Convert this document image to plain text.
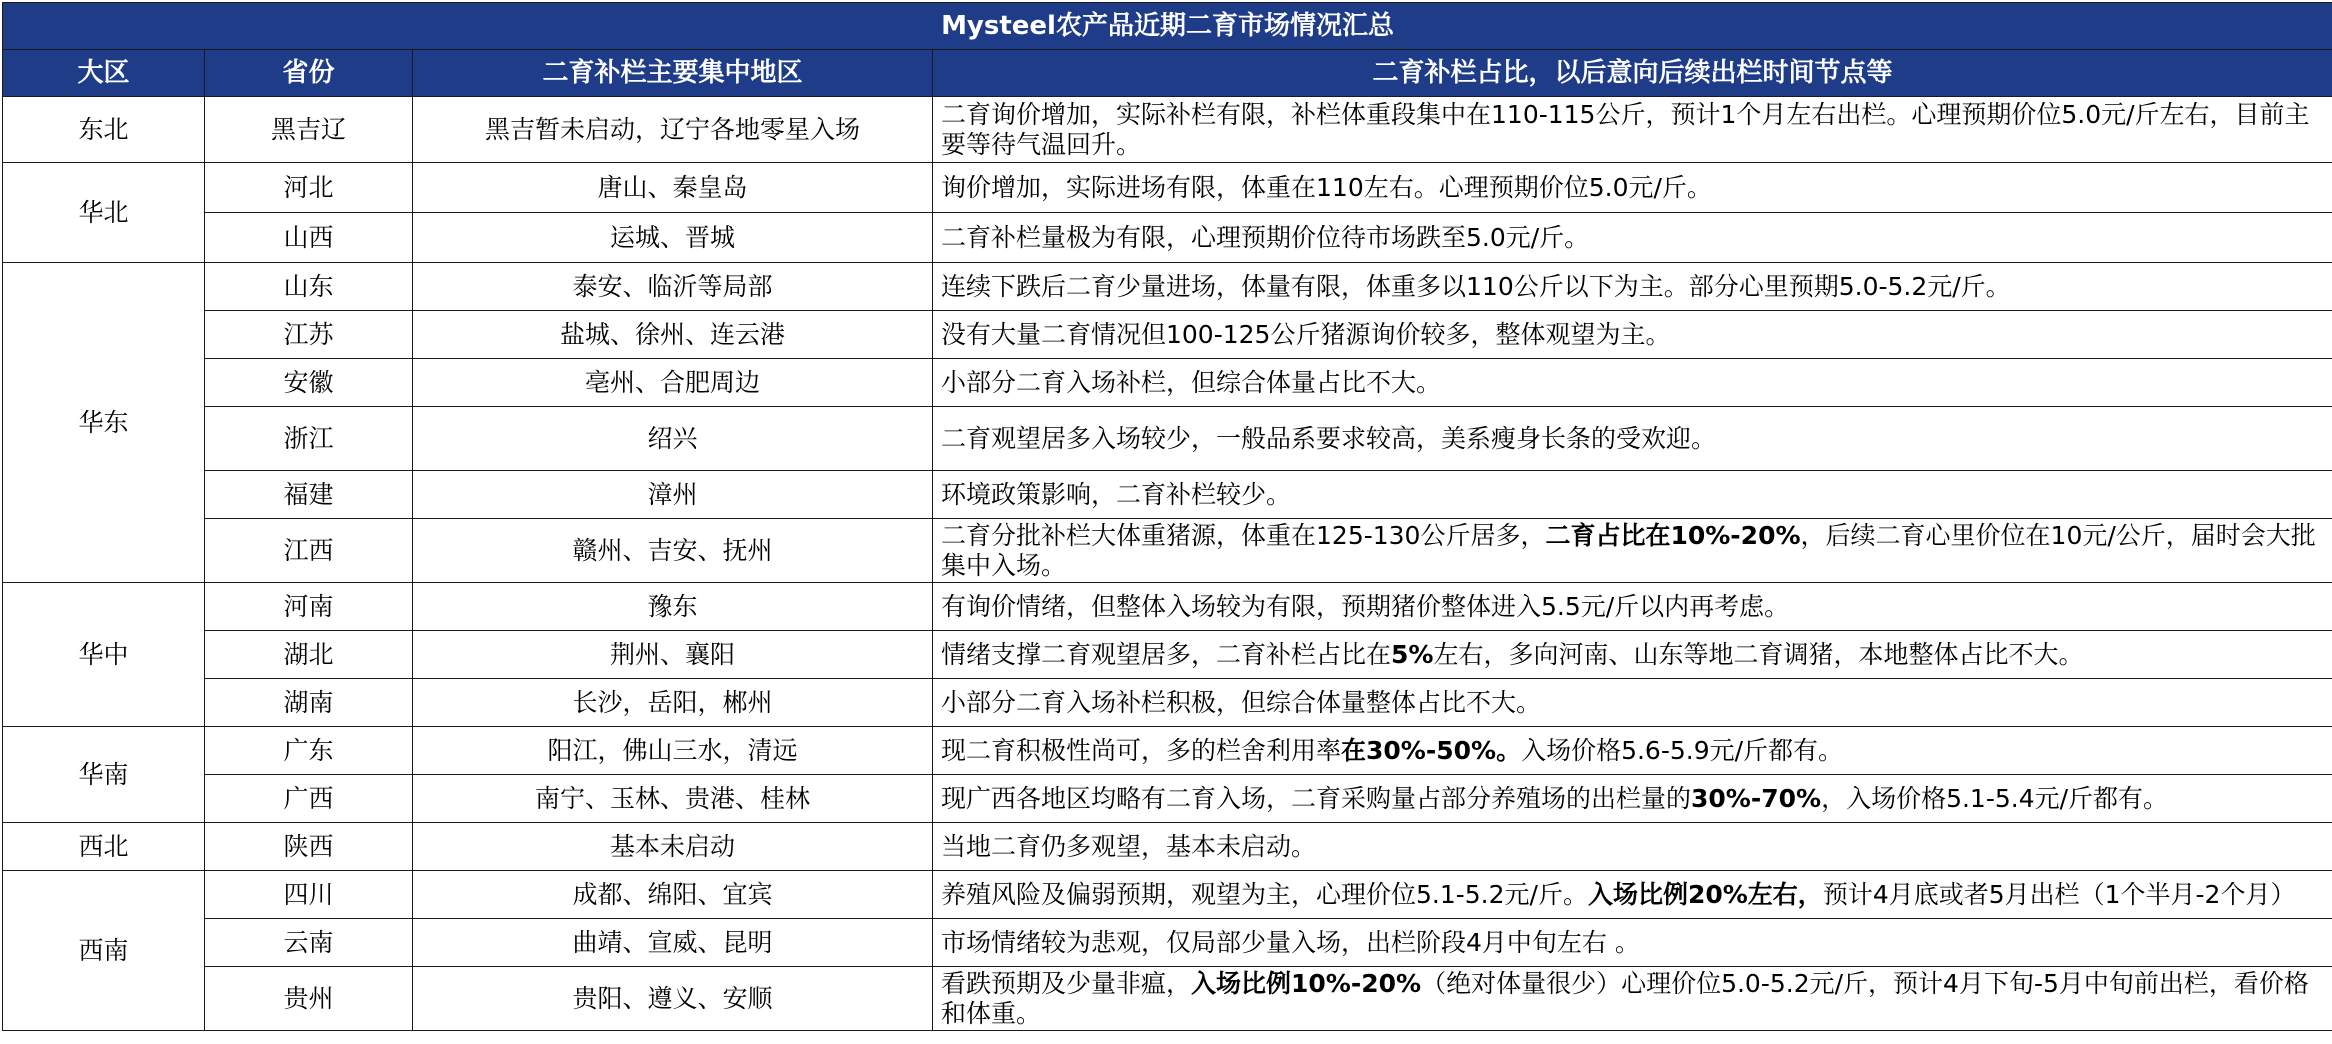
Mysteel农产品近期二育市场情况汇总			
大区	省份	二育补栏主要集中地区	二育补栏占比，以后意向后续出栏时间节点等
东北	黑吉辽	黑吉暂未启动，辽宁各地零星入场	二育询价增加，实际补栏有限，补栏体重段集中在110-115公斤，预计1个月左右出栏。心理预期价位5.0元/斤左右，目前主要等待气温回升。
华北	河北	唐山、秦皇岛	询价增加，实际进场有限，体重在110左右。心理预期价位5.0元/斤。
	山西	运城、晋城	二育补栏量极为有限，心理预期价位待市场跌至5.0元/斤。
华东	山东	泰安、临沂等局部	连续下跌后二育少量进场，体量有限，体重多以110公斤以下为主。部分心里预期5.0-5.2元/斤。
	江苏	盐城、徐州、连云港	没有大量二育情况但100-125公斤猪源询价较多，整体观望为主。
	安徽	亳州、合肥周边	小部分二育入场补栏，但综合体量占比不大。
	浙江	绍兴	二育观望居多入场较少，一般品系要求较高，美系瘦身长条的受欢迎。
	福建	漳州	环境政策影响，二育补栏较少。
	江西	赣州、吉安、抚州	二育分批补栏大体重猪源，体重在125-130公斤居多，二育占比在10%-20%，后续二育心里价位在10元/公斤，届时会大批集中入场。
华中	河南	豫东	有询价情绪，但整体入场较为有限，预期猪价整体进入5.5元/斤以内再考虑。
	湖北	荆州、襄阳	情绪支撑二育观望居多，二育补栏占比在5%左右，多向河南、山东等地二育调猪，本地整体占比不大。
	湖南	长沙，岳阳，郴州	小部分二育入场补栏积极，但综合体量整体占比不大。
华南	广东	阳江，佛山三水，清远	现二育积极性尚可，多的栏舍利用率在30%-50%。入场价格5.6-5.9元/斤都有。
	广西	南宁、玉林、贵港、桂林	现广西各地区均略有二育入场，二育采购量占部分养殖场的出栏量的30%-70%，入场价格5.1-5.4元/斤都有。
西北	陕西	基本未启动	当地二育仍多观望，基本未启动。
西南	四川	成都、绵阳、宜宾	养殖风险及偏弱预期，观望为主，心理价位5.1-5.2元/斤。入场比例20%左右，预计4月底或者5月出栏（1个半月-2个月）
	云南	曲靖、宣威、昆明	市场情绪较为悲观，仅局部少量入场，出栏阶段4月中旬左右 。
	贵州	贵阳、遵义、安顺	看跌预期及少量非瘟，入场比例10%-20%（绝对体量很少）心理价位5.0-5.2元/斤，预计4月下旬-5月中旬前出栏，看价格和体重。
